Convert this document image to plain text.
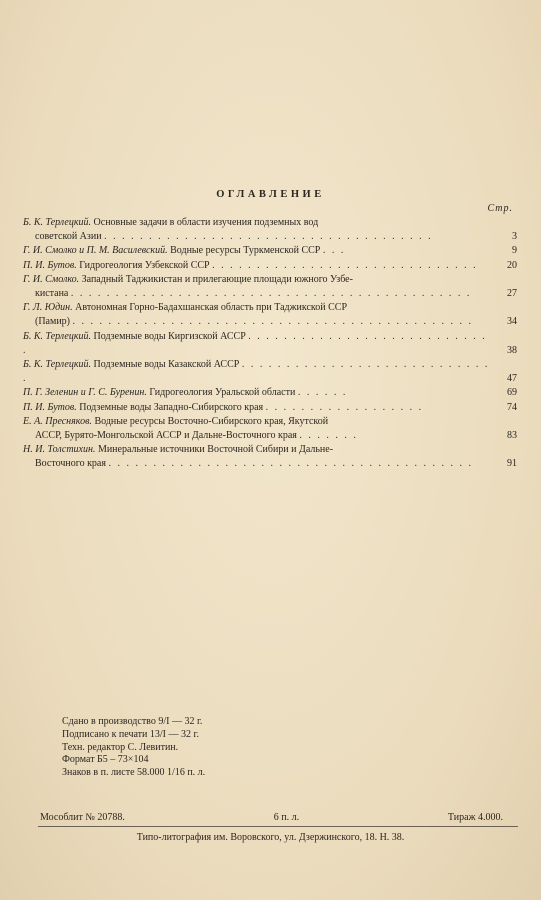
ОГЛАВЛЕНИЕ
Стр.
Б. К. Терлецкий. Основные задачи в области изучения подземных вод
советской Азии . . . . . . . . . . . . . . . . . . . . . . . . . . . . . . . . . . . . .	3
Г. И. Смолко и П. М. Василевский. Водные ресурсы Туркменской ССР . . .	9
П. И. Бутов. Гидрогеология Узбекской ССР . . . . . . . . . . . . . . . . . . . . . . . . . . . . . .	20
Г. И. Смолко. Западный Таджикистан и прилегающие площади южного Узбе-
кистана . . . . . . . . . . . . . . . . . . . . . . . . . . . . . . . . . . . . . . . . . . . . .	27
Г. Л. Юдин. Автономная Горно-Бадахшанская область при Таджикской ССР
(Памир) . . . . . . . . . . . . . . . . . . . . . . . . . . . . . . . . . . . . . . . . . . . . .	34
Б. К. Терлецкий. Подземные воды Киргизской АССР . . . . . . . . . . . . . . . . . . . . . . . . . . . .	38
Б. К. Терлецкий. Подземные воды Казакской АССР . . . . . . . . . . . . . . . . . . . . . . . . . . . . .	47
П. Г. Зеленин и Г. С. Буренин. Гидрогеология Уральской области . . . . . .	69
П. И. Бутов. Подземные воды Западно-Сибирского края . . . . . . . . . . . . . . . . . .	74
Е. А. Пресняков. Водные ресурсы Восточно-Сибирского края, Якутской
АССР, Бурято-Монгольской АССР и Дальне-Восточного края . . . . . . .	83
Н. И. Толстихин. Минеральные источники Восточной Сибири и Дальне-
Восточного края . . . . . . . . . . . . . . . . . . . . . . . . . . . . . . . . . . . . . . . . .	91
Сдано в производство 9/I — 32 г.
Подписано к печати 13/I — 32 г.
Техн. редактор С. Левитин.
Формат Б5 – 73×104
Знаков в п. листе 58.000 1/16 п. л.
Мособлит № 20788.	6 п. л.	Тираж 4.000.
Типо-литография им. Воровского, ул. Дзержинского, 18. Н. 38.
